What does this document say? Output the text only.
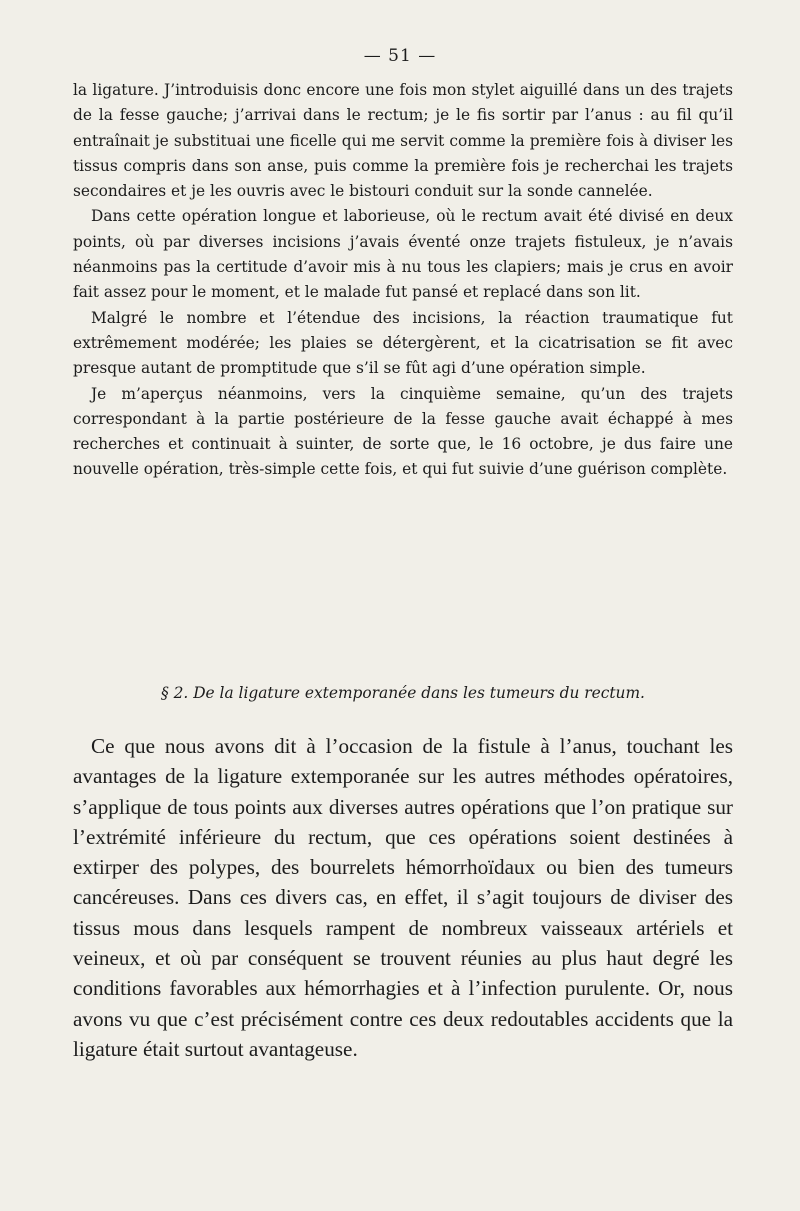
— 51 —

la ligature. J’introduisis donc encore une fois mon stylet aiguillé dans un des trajets de la fesse gauche; j’arrivai dans le rectum; je le fis sortir par l’anus : au fil qu’il entraînait je substituai une ficelle qui me servit comme la première fois à diviser les tissus compris dans son anse, puis comme la première fois je recherchai les trajets secondaires et je les ouvris avec le bistouri conduit sur la sonde cannelée.

Dans cette opération longue et laborieuse, où le rectum avait été divisé en deux points, où par diverses incisions j’avais éventé onze trajets fistuleux, je n’avais néanmoins pas la certitude d’avoir mis à nu tous les clapiers; mais je crus en avoir fait assez pour le moment, et le malade fut pansé et replacé dans son lit.

Malgré le nombre et l’étendue des incisions, la réaction traumatique fut extrêmement modérée; les plaies se détergèrent, et la cicatrisation se fit avec presque autant de promptitude que s’il se fût agi d’une opération simple.

Je m’aperçus néanmoins, vers la cinquième semaine, qu’un des trajets correspondant à la partie postérieure de la fesse gauche avait échappé à mes recherches et continuait à suinter, de sorte que, le 16 octobre, je dus faire une nouvelle opération, très-simple cette fois, et qui fut suivie d’une guérison complète.

§ 2. De la ligature extemporanée dans les tumeurs du rectum.

Ce que nous avons dit à l’occasion de la fistule à l’anus, touchant les avantages de la ligature extemporanée sur les autres méthodes opératoires, s’applique de tous points aux diverses autres opérations que l’on pratique sur l’extrémité inférieure du rectum, que ces opérations soient destinées à extirper des polypes, des bourrelets hémorrhoïdaux ou bien des tumeurs cancéreuses. Dans ces divers cas, en effet, il s’agit toujours de diviser des tissus mous dans lesquels rampent de nombreux vaisseaux artériels et veineux, et où par conséquent se trouvent réunies au plus haut degré les conditions favorables aux hémorrhagies et à l’infection purulente. Or, nous avons vu que c’est précisément contre ces deux redoutables accidents que la ligature était surtout avantageuse.
